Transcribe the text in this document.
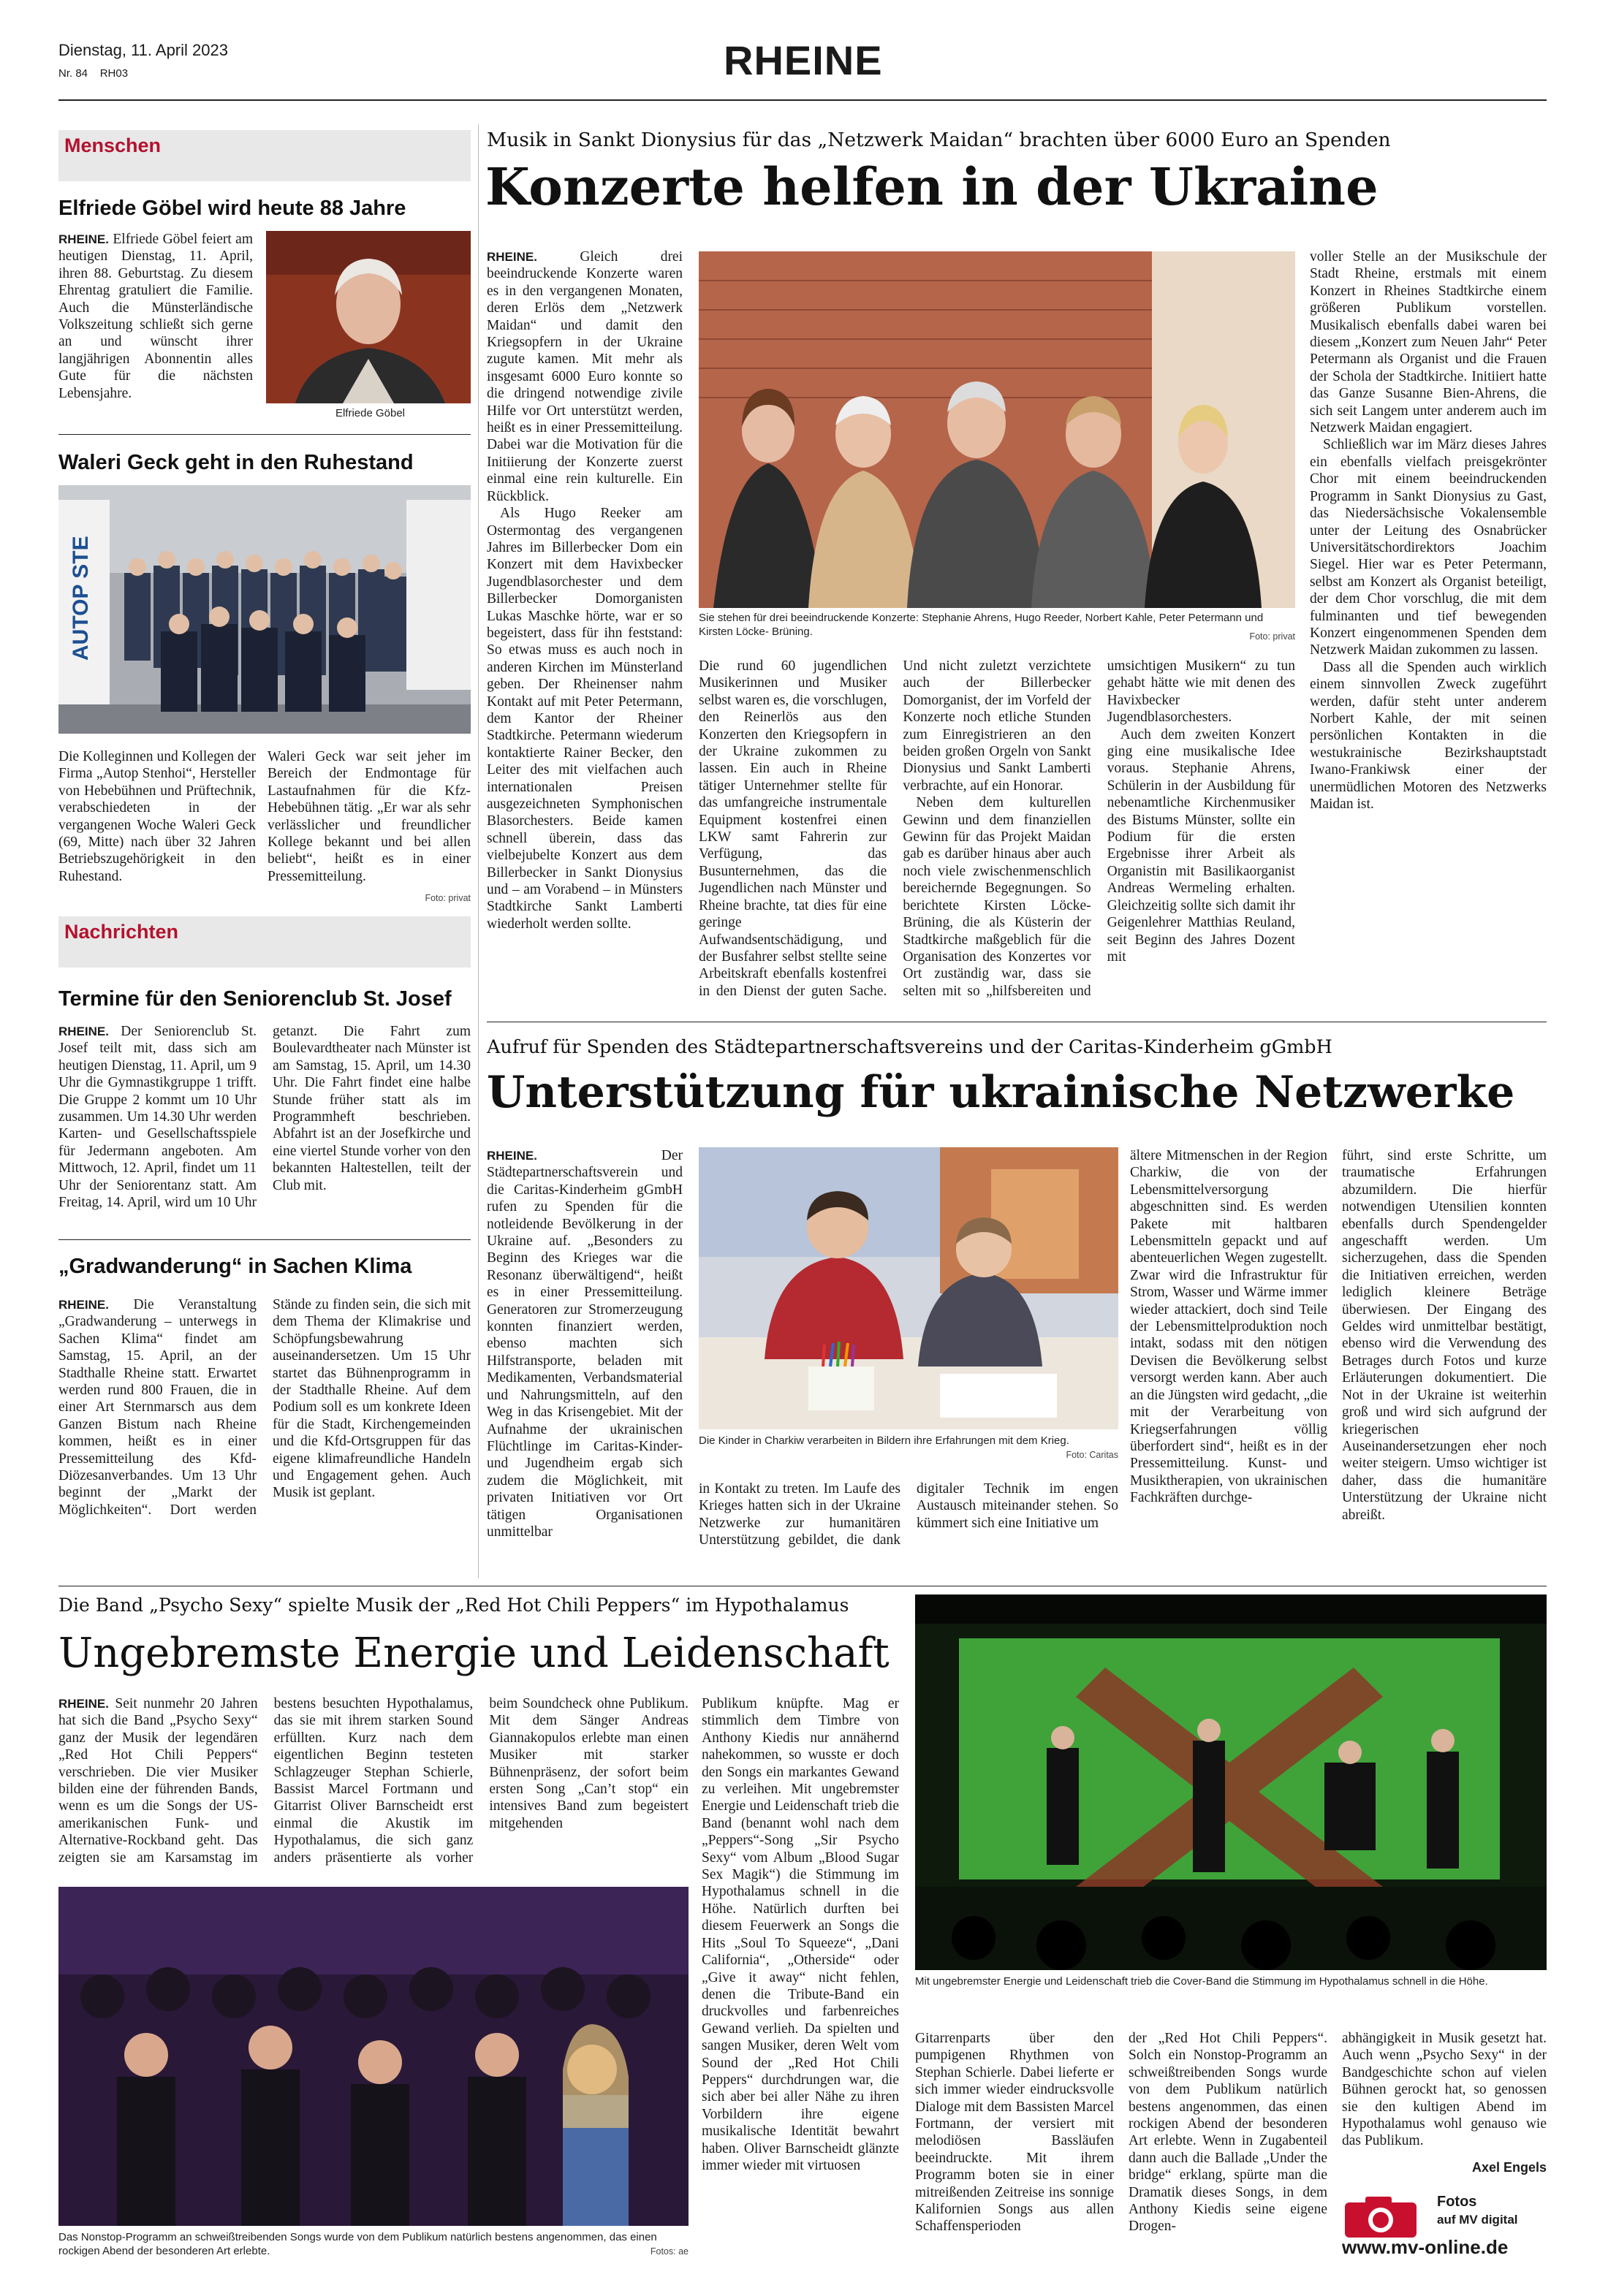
Dienstag, 11. April 2023
Nr. 84    RH03	RHEINE
Menschen
Elfriede Göbel wird heute 88 Jahre
RHEINE. Elfriede Göbel feiert am heutigen Dienstag, 11. April, ihren 88. Geburtstag. Zu diesem Ehrentag gratuliert die Familie. Auch die Münsterländische Volkszeitung schließt sich gerne an und wünscht ihrer langjährigen Abonnentin alles Gute für die nächsten Lebensjahre.
Elfriede Göbel
Waleri Geck geht in den Ruhestand
AUTOP STE
Die Kolleginnen und Kollegen der Firma „Autop Stenhoi“, Hersteller von Hebebühnen und Prüftechnik, verabschiedeten in der vergangenen Woche Waleri Geck (69, Mitte) nach über 32 Jahren Betriebszugehörigkeit in den Ruhestand.
Waleri Geck war seit jeher im Bereich der Endmontage für Lastaufnahmen für die Kfz-Hebebühnen tätig. „Er war als sehr verlässlicher und freundlicher Kollege bekannt und bei allen beliebt“, heißt es in einer Pressemitteilung.
Foto: privat
Nachrichten
Termine für den Seniorenclub St. Josef
RHEINE. Der Seniorenclub St. Josef teilt mit, dass sich am heutigen Dienstag, 11. April, um 9 Uhr die Gymnastikgruppe 1 trifft. Die Gruppe 2 kommt um 10 Uhr zusammen. Um 14.30 Uhr werden Karten- und Gesellschaftsspiele für Jedermann angeboten. Am Mittwoch, 12. April, findet um 11 Uhr der Seniorentanz statt. Am Freitag, 14. April, wird um 10 Uhr getanzt. Die Fahrt zum Boulevardtheater nach Münster ist am Samstag, 15. April, um 14.30 Uhr. Die Fahrt findet eine halbe Stunde früher statt als im Programmheft beschrieben. Abfahrt ist an der Josefkirche und eine viertel Stunde vorher von den bekannten Haltestellen, teilt der Club mit.
„Gradwanderung“ in Sachen Klima
RHEINE. Die Veranstaltung „Gradwanderung – unterwegs in Sachen Klima“ findet am Samstag, 15. April, an der Stadthalle Rheine statt. Erwartet werden rund 800 Frauen, die in einer Art Sternmarsch aus dem Ganzen Bistum nach Rheine kommen, heißt es in einer Pressemitteilung des Kfd-Diözesanverbandes. Um 13 Uhr beginnt der „Markt der Möglichkeiten“. Dort werden Stände zu finden sein, die sich mit dem Thema der Klimakrise und Schöpfungsbewahrung auseinandersetzen. Um 15 Uhr startet das Bühnenprogramm in der Stadthalle Rheine. Auf dem Podium soll es um konkrete Ideen für die Stadt, Kirchengemeinden und die Kfd-Ortsgruppen für das eigene klimafreundliche Handeln und Engagement gehen. Auch Musik ist geplant.
Musik in Sankt Dionysius für das „Netzwerk Maidan“ brachten über 6000 Euro an Spenden
Konzerte helfen in der Ukraine

RHEINE.	Gleich drei beeindruckende Konzerte waren es in den vergangenen Monaten, deren Erlös dem „Netzwerk Maidan“ und damit den Kriegsopfern in der Ukraine zugute kamen. Mit mehr als insgesamt 6000 Euro konnte so die dringend notwendige zivile Hilfe vor Ort unterstützt werden, heißt es in einer Pressemitteilung. Dabei war die Motivation für die Initiierung der Konzerte zuerst einmal eine rein kulturelle. Ein Rückblick.

Als Hugo Reeker am Ostermontag des vergangenen Jahres im Billerbecker Dom ein Konzert mit dem Havixbecker Jugendblasorchester und dem Billerbecker Domorganisten Lukas Maschke hörte, war er so begeistert, dass für ihn feststand: So etwas muss es auch noch in anderen Kirchen im Münsterland geben. Der Rheinenser nahm Kontakt auf mit Peter Petermann, dem Kantor der Rheiner Stadtkirche. Petermann wiederum kontaktierte Rainer Becker, den Leiter des mit vielfachen auch internationalen Preisen ausgezeichneten Symphonischen Blasorchesters. Beide kamen schnell überein, dass das vielbejubelte Konzert aus dem Billerbecker in Sankt Dionysius und – am Vorabend – in Münsters Stadtkirche Sankt Lamberti wiederholt werden sollte.

Sie stehen für drei beeindruckende Konzerte: Stephanie Ahrens, Hugo Reeder, Norbert Kahle, Peter Petermann und Kirsten Löcke- Brüning.	Foto: privat

Die rund 60 jugendlichen Musikerinnen und Musiker selbst waren es, die vorschlugen, den Reinerlös aus den Konzerten den Kriegsopfern in der Ukraine zukommen zu lassen. Ein auch in Rheine tätiger Unternehmer stellte für das umfangreiche instrumentale Equipment kostenfrei einen LKW samt Fahrerin zur Verfügung, das Busunternehmen, das die Jugendlichen nach Münster und Rheine brachte, tat dies für eine geringe Aufwandsentschädigung, und der Busfahrer selbst stellte seine Arbeitskraft ebenfalls kostenfrei in den Dienst der guten Sache. Und nicht zuletzt verzichtete auch der Billerbecker Domorganist, der im Vorfeld der Konzerte noch etliche Stunden zum Einregistrieren an den beiden großen Orgeln von Sankt Dionysius und Sankt Lamberti verbrachte, auf ein Honorar.

Neben dem kulturellen Gewinn und dem finanziellen Gewinn für das Projekt Maidan gab es darüber hinaus aber auch noch viele zwischenmenschlich bereichernde Begegnungen. So berichtete Kirsten Löcke-Brüning, die als Küsterin der Stadtkirche maßgeblich für die Organisation des Konzertes vor Ort zuständig war, dass sie selten mit so „hilfsbereiten und umsichtigen Musikern“ zu tun gehabt hätte wie mit denen des Havixbecker Jugendblasorchesters.

Auch dem zweiten Konzert ging eine musikalische Idee voraus. Stephanie Ahrens, Schülerin in der Ausbildung für nebenamtliche Kirchenmusiker des Bistums Münster, sollte ein Podium für die ersten Ergebnisse ihrer Arbeit als Organistin mit Basilikaorganist Andreas Wermeling erhalten. Gleichzeitig sollte sich damit ihr Geigenlehrer Matthias Reuland, seit Beginn des Jahres Dozent mit

voller Stelle an der Musikschule der Stadt Rheine, erstmals mit einem Konzert in Rheines Stadtkirche einem größeren Publikum vorstellen. Musikalisch ebenfalls dabei waren bei diesem „Konzert zum Neuen Jahr“ Peter Petermann als Organist und die Frauen der Schola der Stadtkirche. Initiiert hatte das Ganze Susanne Bien-Ahrens, die sich seit Langem unter anderem auch im Netzwerk Maidan engagiert.

Schließlich war im März dieses Jahres ein ebenfalls vielfach preisgekrönter Chor mit einem beeindruckenden Programm in Sankt Dionysius zu Gast, das Niedersächsische Vokalensemble unter der Leitung des Osnabrücker Universitätschordirektors Joachim Siegel. Hier war es Peter Petermann, selbst am Konzert als Organist beteiligt, der dem Chor vorschlug, die mit dem fulminanten und tief bewegenden Konzert eingenommenen Spenden dem Netzwerk Maidan zukommen zu lassen.

Dass all die Spenden auch wirklich einem sinnvollen Zweck zugeführt werden, dafür steht unter anderem Norbert Kahle, der mit seinen persönlichen Kontakten in die westukrainische Bezirkshauptstadt Iwano-Frankiwsk einer der unermüdlichen Motoren des Netzwerks Maidan ist.

Aufruf für Spenden des Städtepartnerschaftsvereins und der Caritas-Kinderheim gGmbH
Unterstützung für ukrainische Netzwerke
RHEINE.	Der Städtepartnerschaftsverein und die Caritas-Kinderheim gGmbH rufen zu Spenden für die notleidende Bevölkerung in der Ukraine auf. „Besonders zu Beginn des Krieges war die Resonanz überwältigend“, heißt es in einer Pressemitteilung. Generatoren zur Stromerzeugung konnten finanziert werden, ebenso machten sich Hilfstransporte, beladen mit Medikamenten, Verbandsmaterial und Nahrungsmitteln, auf den Weg in das Krisengebiet. Mit der Aufnahme der ukrainischen Flüchtlinge im Caritas-Kinder- und Jugendheim ergab sich zudem die Möglichkeit, mit privaten Initiativen vor Ort tätigen Organisationen unmittelbar
Die Kinder in Charkiw verarbeiten in Bildern ihre Erfahrungen mit dem Krieg.
Foto: Caritas
in Kontakt zu treten. Im Laufe des Krieges hatten sich in der Ukraine Netzwerke zur humanitären Unterstützung gebildet, die dank digitaler Technik im engen Austausch miteinander stehen. So kümmert sich eine Initiative um
ältere Mitmenschen in der Region Charkiw, die von der Lebensmittelversorgung abgeschnitten sind. Es werden Pakete mit haltbaren Lebensmitteln gepackt und auf abenteuerlichen Wegen zugestellt. Zwar wird die Infrastruktur für Strom, Wasser und Wärme immer wieder attackiert, doch sind Teile der Lebensmittelproduktion noch intakt, sodass mit den nötigen Devisen die Bevölkerung selbst versorgt werden kann. Aber auch an die Jüngsten wird gedacht, „die mit der Verarbeitung von Kriegserfahrungen völlig überfordert sind“, heißt es in der Pressemitteilung. Kunst- und Musiktherapien, von ukrainischen Fachkräften durchge-
führt, sind erste Schritte, um traumatische Erfahrungen abzumildern. Die hierfür notwendigen Utensilien konnten ebenfalls durch Spendengelder angeschafft werden. Um sicherzugehen, dass die Spenden die Initiativen erreichen, werden lediglich kleinere Beträge überwiesen. Der Eingang des Geldes wird unmittelbar bestätigt, ebenso wird die Verwendung des Betrages durch Fotos und kurze Erläuterungen dokumentiert. Die Not in der Ukraine ist weiterhin groß und wird sich aufgrund der kriegerischen Auseinandersetzungen eher noch weiter steigern. Umso wichtiger ist daher, dass die humanitäre Unterstützung der Ukraine nicht abreißt.
Die Band „Psycho Sexy“ spielte Musik der „Red Hot Chili Peppers“ im Hypothalamus
Ungebremste Energie und Leidenschaft
RHEINE. Seit nunmehr 20 Jahren hat sich die Band „Psycho Sexy“ ganz der Musik der legendären „Red Hot Chili Peppers“ verschrieben. Die vier Musiker bilden eine der führenden Bands, wenn es um die Songs der US-amerikanischen Funk- und Alternative-Rockband geht. Das zeigten sie am Karsamstag im bestens besuchten Hypothalamus, das sie mit ihrem starken Sound erfüllten. Kurz nach dem eigentlichen Beginn testeten Schlagzeuger Stephan Schierle, Bassist Marcel Fortmann und Gitarrist Oliver Barnscheidt erst einmal die Akustik im Hypothalamus, die sich ganz anders präsentierte als vorher beim Soundcheck ohne Publikum. Mit dem Sänger Andreas Giannakopulos erlebte man einen Musiker mit starker Bühnenpräsenz, der sofort beim ersten Song „Can’t stop“ ein intensives Band zum begeistert mitgehenden
Publikum knüpfte. Mag er stimmlich dem Timbre von Anthony Kiedis nur annähernd nahekommen, so wusste er doch den Songs ein markantes Gewand zu verleihen. Mit ungebremster Energie und Leidenschaft trieb die Band (benannt wohl nach dem „Peppers“-Song „Sir Psycho Sexy“ vom Album „Blood Sugar Sex Magik“) die Stimmung im Hypothalamus schnell in die Höhe. Natürlich durften bei diesem Feuerwerk an Songs die Hits „Soul To Squeeze“, „Dani California“, „Otherside“ oder „Give it away“ nicht fehlen, denen die Tribute-Band ein druckvolles und farbenreiches Gewand verlieh. Da spielten und sangen Musiker, deren Welt vom Sound der „Red Hot Chili Peppers“ durchdrungen war, die sich aber bei aller Nähe zu ihren Vorbildern ihre eigene musikalische Identität bewahrt haben. Oliver Barnscheidt glänzte immer wieder mit virtuosen
Mit ungebremster Energie und Leidenschaft trieb die Cover-Band die Stimmung im Hypothalamus schnell in die Höhe.
Das Nonstop-Programm an schweißtreibenden Songs wurde von dem Publikum natürlich bestens angenommen, das einen rockigen Abend der besonderen Art erlebte.	Fotos: ae
Gitarrenparts über den pumpigenen Rhythmen von Stephan Schierle. Dabei lieferte er sich immer wieder eindrucksvolle Dialoge mit dem Bassisten Marcel Fortmann, der versiert mit melodiösen Bassläufen beeindruckte. Mit ihrem Programm boten sie in einer mitreißenden Zeitreise ins sonnige Kalifornien Songs aus allen Schaffensperioden
der „Red Hot Chili Peppers“. Solch ein Nonstop-Programm an schweißtreibenden Songs wurde von dem Publikum natürlich bestens angenommen, das einen rockigen Abend der besonderen Art erlebte. Wenn in Zugabenteil dann auch die Ballade „Under the bridge“ erklang, spürte man die Dramatik dieses Songs, in dem Anthony Kiedis seine eigene Drogen-
abhängigkeit in Musik gesetzt hat. Auch wenn „Psycho Sexy“ in der Bandgeschichte schon auf vielen Bühnen gerockt hat, so genossen sie den kultigen Abend im Hypothalamus wohl genauso wie das Publikum.
Axel Engels
Fotos
auf MV digital
www.mv-online.de
